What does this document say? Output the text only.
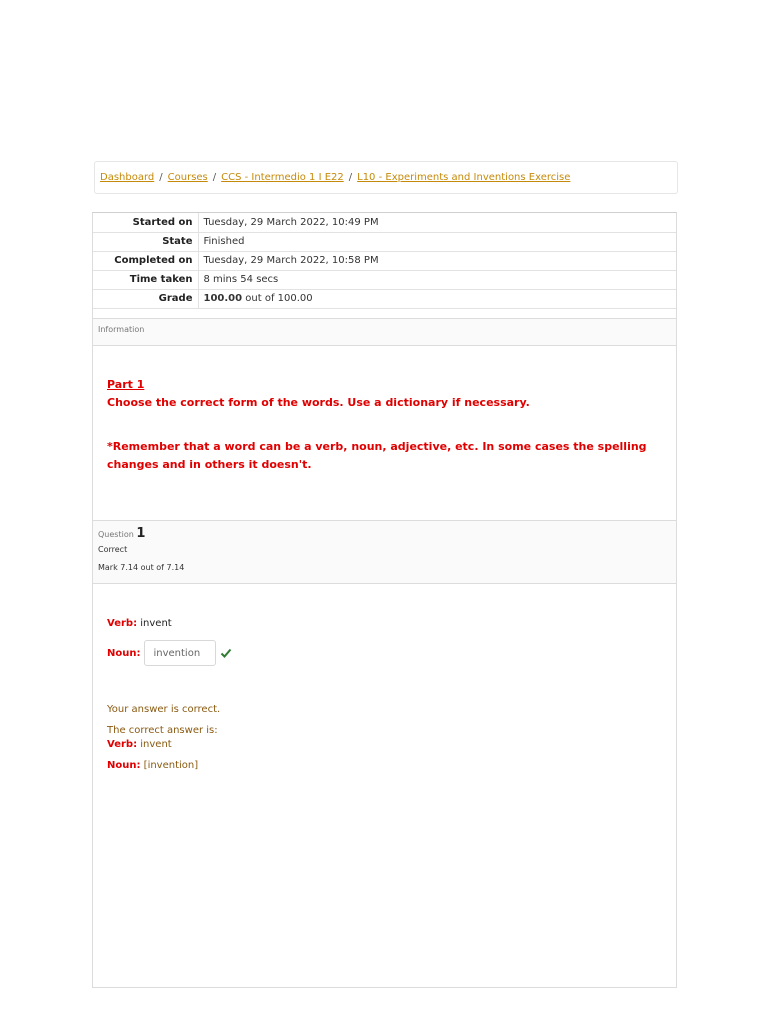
Dashboard / Courses / CCS - Intermedio 1 I E22 / L10 - Experiments and Inventions Exercise
Started on	Tuesday, 29 March 2022, 10:49 PM
State	Finished
Completed on	Tuesday, 29 March 2022, 10:58 PM
Time taken	8 mins 54 secs
Grade	100.00 out of 100.00
Information
Part 1
Choose the correct form of the words. Use a dictionary if necessary.
*Remember that a word can be a verb, noun, adjective, etc. In some cases the spelling changes and in others it doesn't.
Question 1
Correct
Mark 7.14 out of 7.14
Verb: invent
Noun:
invention
Your answer is correct.
The correct answer is:
Verb: invent
Noun: [invention]
